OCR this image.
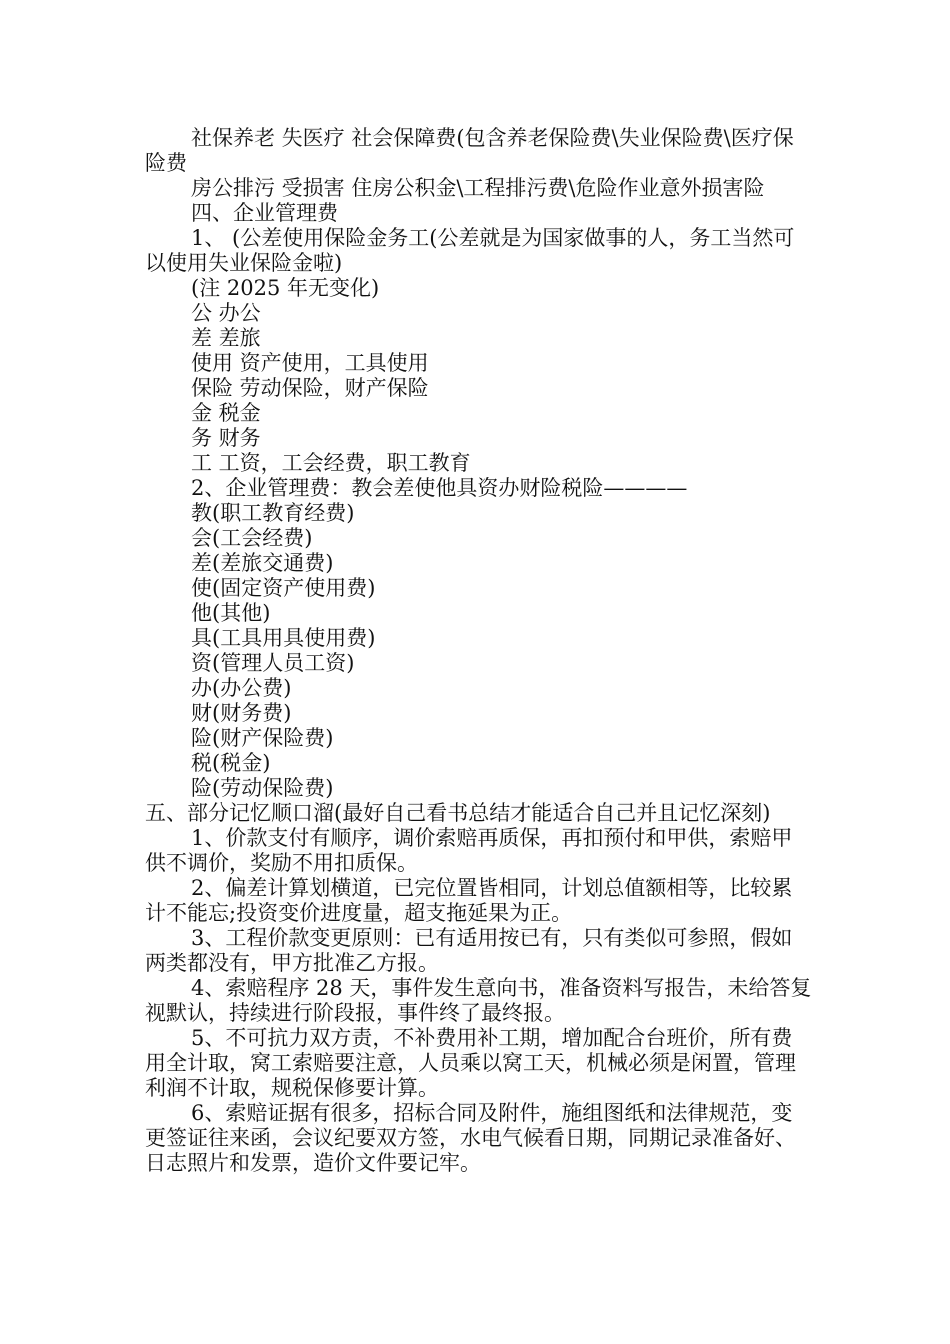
社保养老 失医疗 社会保障费(包含养老保险费\失业保险费\医疗保险费

房公排污 受损害 住房公积金\工程排污费\危险作业意外损害险

四、企业管理费

1、 (公差使用保险金务工(公差就是为国家做事的人，务工当然可以使用失业保险金啦)

(注 2025 年无变化)

公 办公

差 差旅

使用 资产使用，工具使用

保险 劳动保险，财产保险

金 税金

务 财务

工 工资，工会经费，职工教育

2、企业管理费：教会差使他具资办财险税险————

教(职工教育经费)

会(工会经费)

差(差旅交通费)

使(固定资产使用费)

他(其他)

具(工具用具使用费)

资(管理人员工资)

办(办公费)

财(财务费)

险(财产保险费)

税(税金)

险(劳动保险费)

五、部分记忆顺口溜(最好自己看书总结才能适合自己并且记忆深刻)

1、价款支付有顺序，调价索赔再质保，再扣预付和甲供，索赔甲供不调价，奖励不用扣质保。

2、偏差计算划横道，已完位置皆相同，计划总值额相等，比较累计不能忘;投资变价进度量，超支拖延果为正。

3、工程价款变更原则：已有适用按已有，只有类似可参照，假如两类都没有，甲方批准乙方报。

4、索赔程序 28 天，事件发生意向书，准备资料写报告，未给答复视默认，持续进行阶段报，事件终了最终报。

5、不可抗力双方责，不补费用补工期，增加配合台班价，所有费用全计取，窝工索赔要注意，人员乘以窝工天，机械必须是闲置，管理利润不计取，规税保修要计算。

6、索赔证据有很多，招标合同及附件，施组图纸和法律规范，变更签证往来函，会议纪要双方签，水电气候看日期，同期记录准备好、日志照片和发票，造价文件要记牢。
